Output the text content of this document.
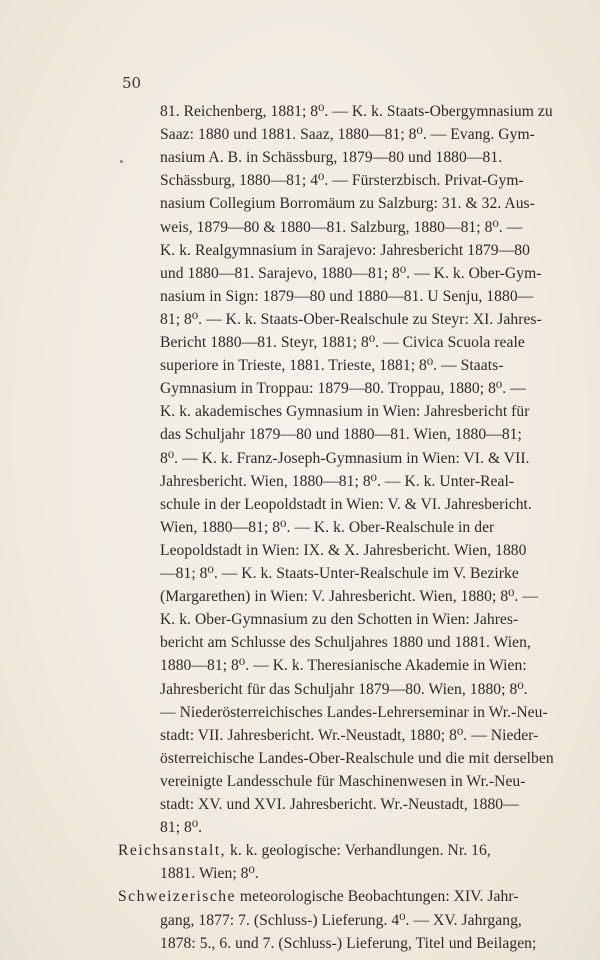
50
81. Reichenberg, 1881; 8⁰. — K. k. Staats-Obergymnasium zu
Saaz: 1880 und 1881. Saaz, 1880—81; 8⁰. — Evang. Gym-
nasium A. B. in Schässburg, 1879—80 und 1880—81.
Schässburg, 1880—81; 4⁰. — Fürsterzbisch. Privat-Gym-
nasium Collegium Borromäum zu Salzburg: 31. & 32. Aus-
weis, 1879—80 & 1880—81. Salzburg, 1880—81; 8⁰. —
K. k. Realgymnasium in Sarajevo: Jahresbericht 1879—80
und 1880—81. Sarajevo, 1880—81; 8⁰. — K. k. Ober-Gym-
nasium in Sign: 1879—80 und 1880—81. U Senju, 1880—
81; 8⁰. — K. k. Staats-Ober-Realschule zu Steyr: XI. Jahres-
Bericht 1880—81. Steyr, 1881; 8⁰. — Civica Scuola reale
superiore in Trieste, 1881. Trieste, 1881; 8⁰. — Staats-
Gymnasium in Troppau: 1879—80. Troppau, 1880; 8⁰. —
K. k. akademisches Gymnasium in Wien: Jahresbericht für
das Schuljahr 1879—80 und 1880—81. Wien, 1880—81;
8⁰. — K. k. Franz-Joseph-Gymnasium in Wien: VI. & VII.
Jahresbericht. Wien, 1880—81; 8⁰. — K. k. Unter-Real-
schule in der Leopoldstadt in Wien: V. & VI. Jahresbericht.
Wien, 1880—81; 8⁰. — K. k. Ober-Realschule in der
Leopoldstadt in Wien: IX. & X. Jahresbericht. Wien, 1880
—81; 8⁰. — K. k. Staats-Unter-Realschule im V. Bezirke
(Margarethen) in Wien: V. Jahresbericht. Wien, 1880; 8⁰. —
K. k. Ober-Gymnasium zu den Schotten in Wien: Jahres-
bericht am Schlusse des Schuljahres 1880 und 1881. Wien,
1880—81; 8⁰. — K. k. Theresianische Akademie in Wien:
Jahresbericht für das Schuljahr 1879—80. Wien, 1880; 8⁰.
— Niederösterreichisches Landes-Lehrerseminar in Wr.-Neu-
stadt: VII. Jahresbericht. Wr.-Neustadt, 1880; 8⁰. — Nieder-
österreichische Landes-Ober-Realschule und die mit derselben
vereinigte Landesschule für Maschinenwesen in Wr.-Neu-
stadt: XV. und XVI. Jahresbericht. Wr.-Neustadt, 1880—
81; 8⁰.
Reichsanstalt, k. k. geologische: Verhandlungen. Nr. 16,
1881. Wien; 8⁰.
Schweizerische meteorologische Beobachtungen: XIV. Jahr-
gang, 1877: 7. (Schluss-) Lieferung. 4⁰. — XV. Jahrgang,
1878: 5., 6. und 7. (Schluss-) Lieferung, Titel und Beilagen;
